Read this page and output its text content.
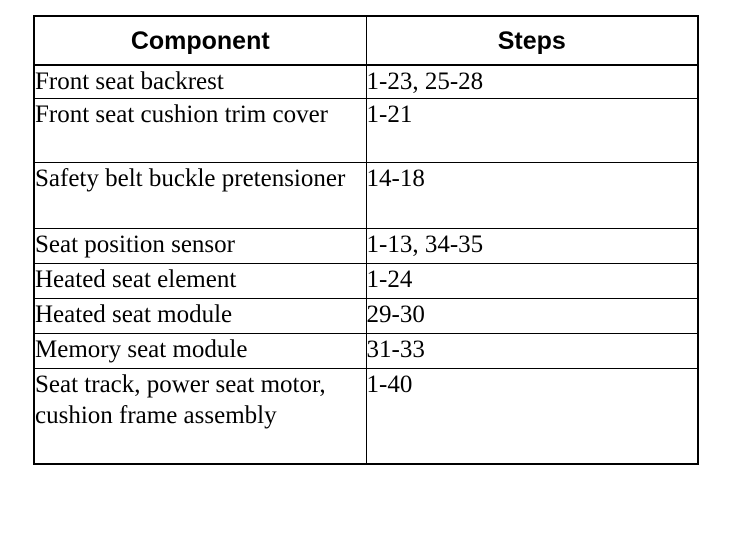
Component	Steps
Front seat backrest	1-23, 25-28
Front seat cushion trim cover	1-21
Safety belt buckle pretensioner	14-18
Seat position sensor	1-13, 34-35
Heated seat element	1-24
Heated seat module	29-30
Memory seat module	31-33
Seat track, power seat motor, cushion frame assembly	1-40
